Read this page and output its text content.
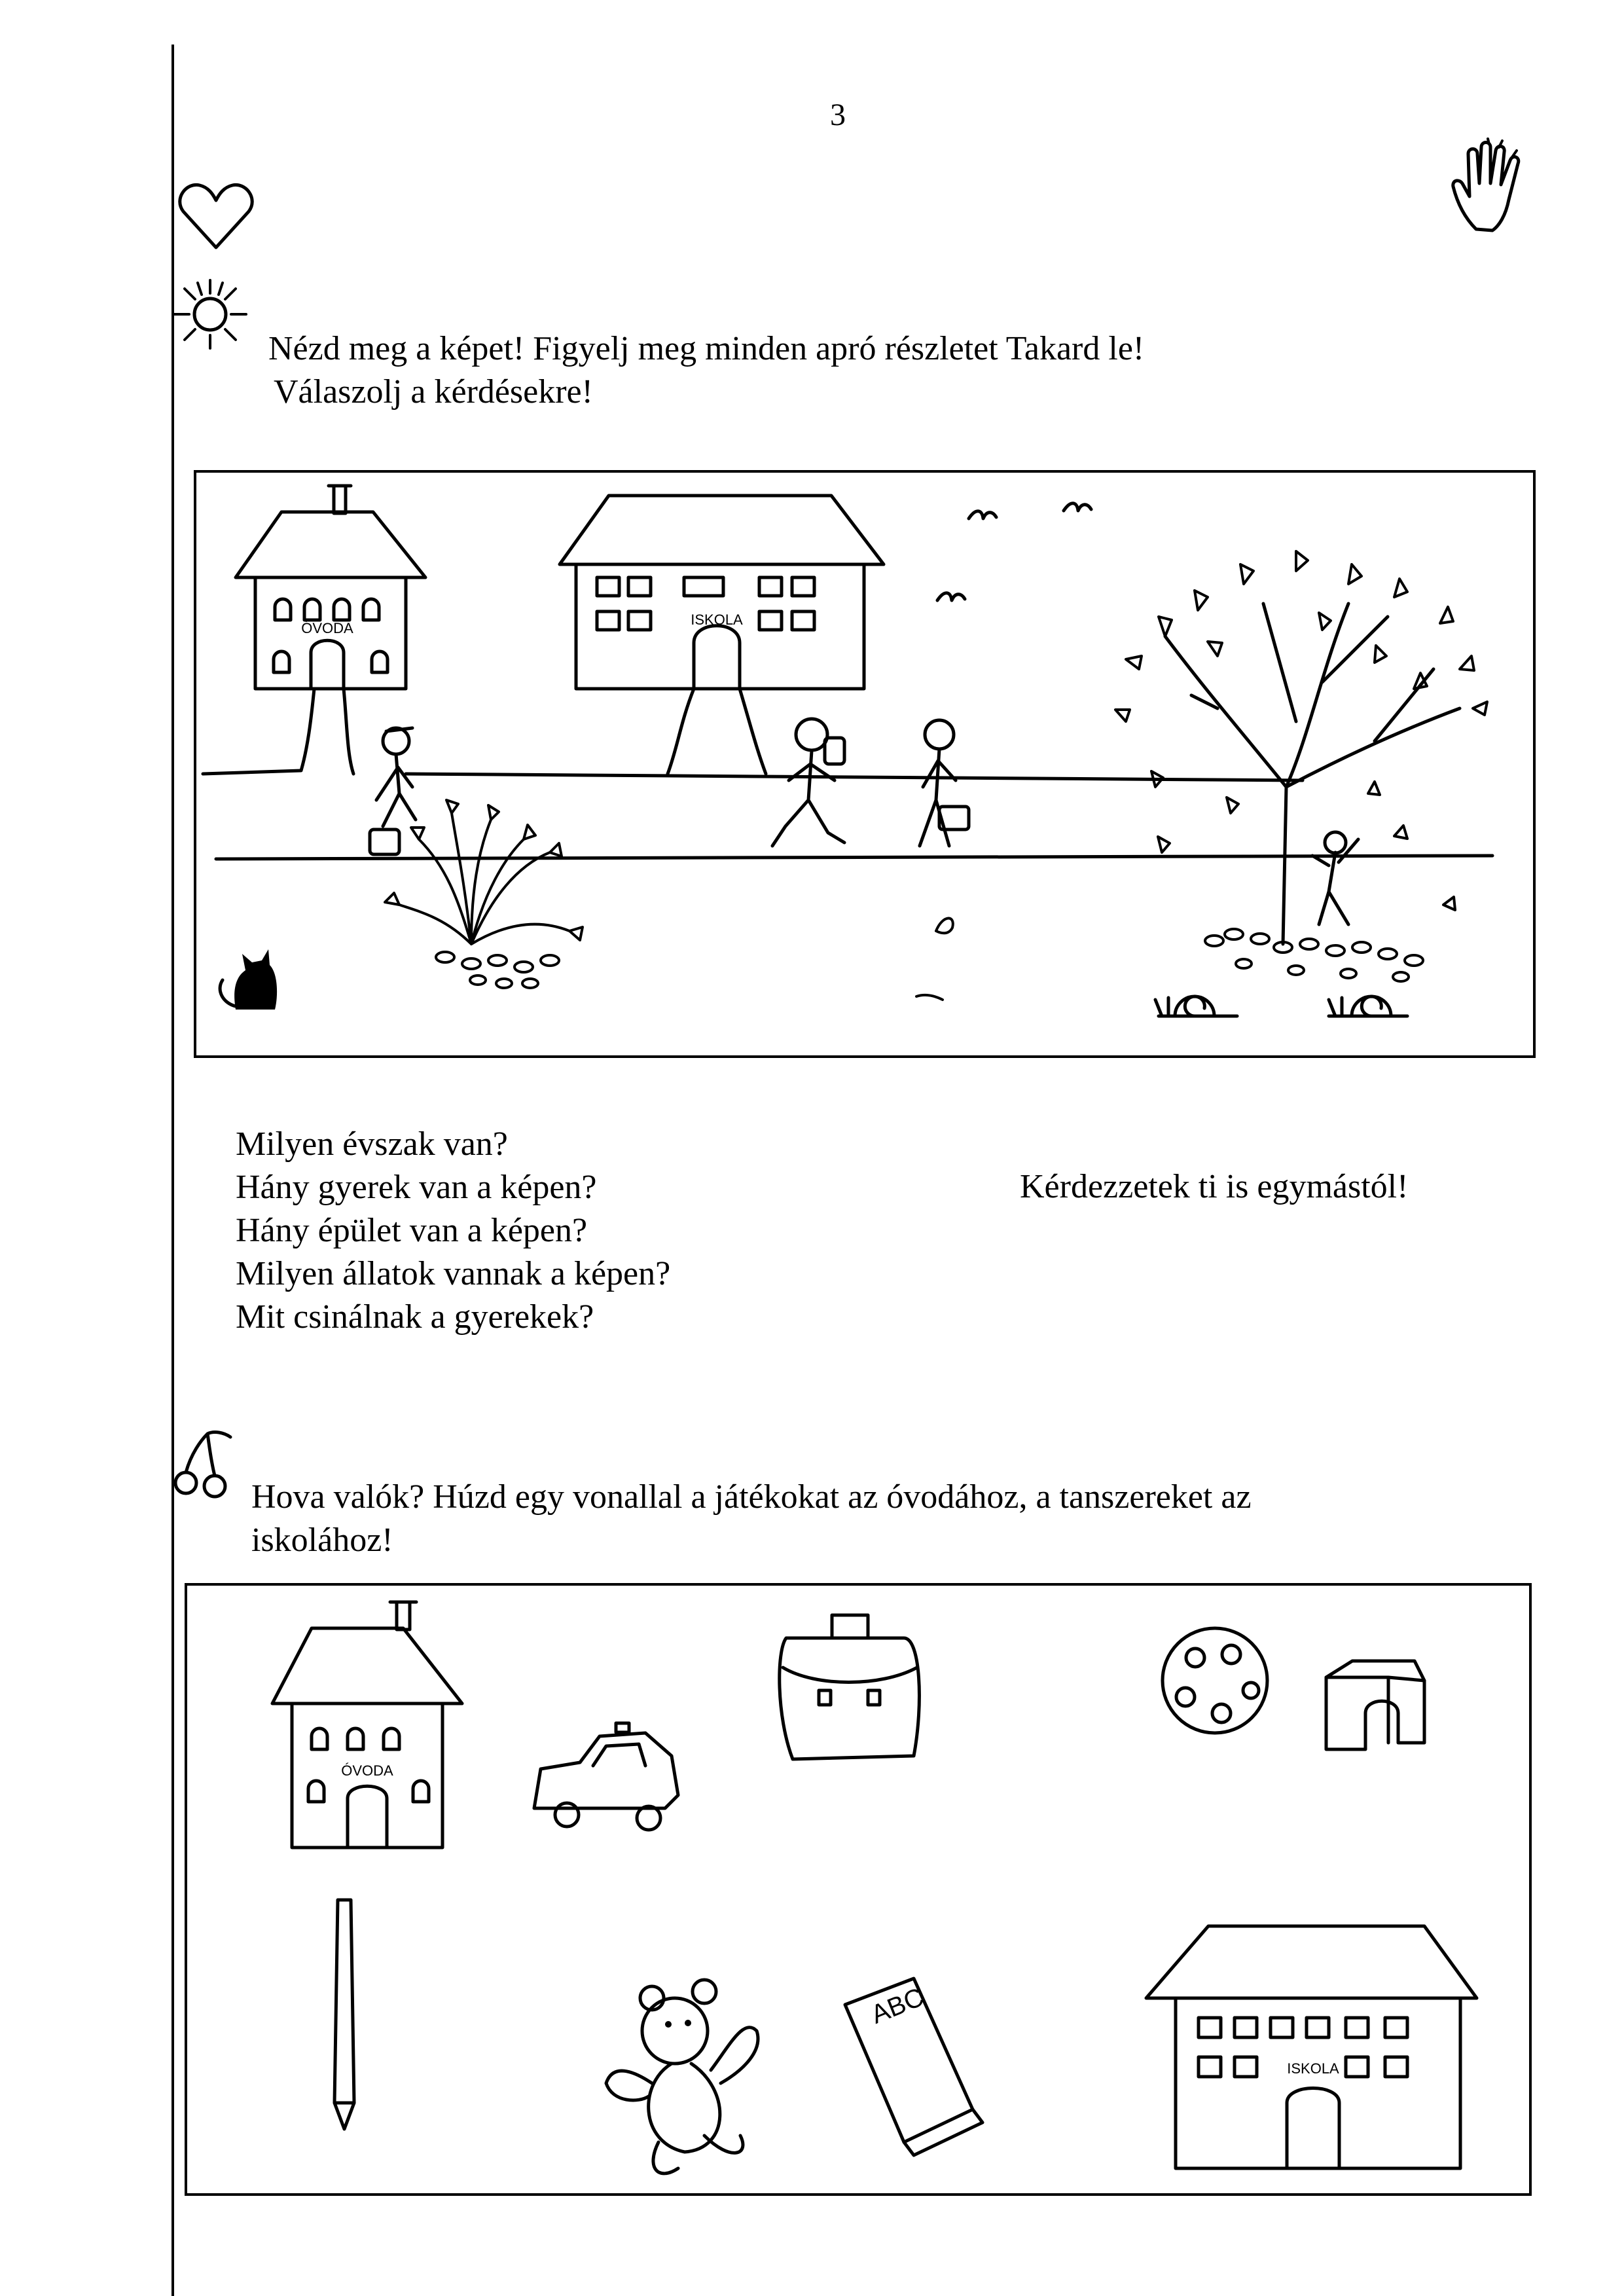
3
Nézd meg a képet! Figyelj meg minden apró részletet Takard le!
Válaszolj a kérdésekre!
ÓVODA
ISKOLA
Milyen évszak van?
Hány gyerek van a képen?
Hány épület van a képen?
Milyen állatok vannak a képen?
Mit csinálnak a gyerekek?
Kérdezzetek ti is egymástól!
Hova valók? Húzd egy vonallal a játékokat az óvodához, a tanszereket az
iskolához!
ÓVODA
ABC
ISKOLA
